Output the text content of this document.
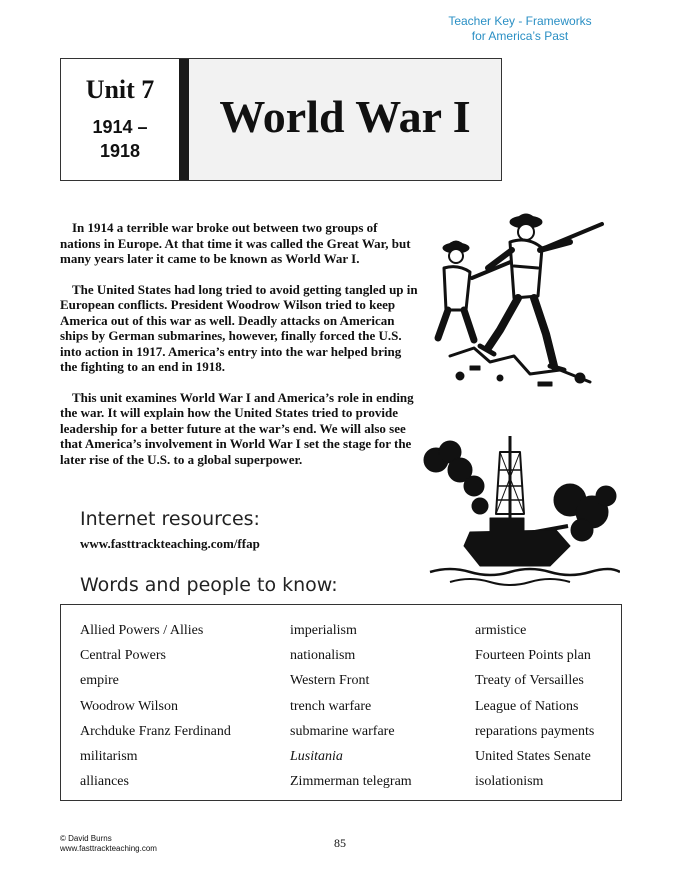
Teacher Key - Frameworks
for America’s Past
Unit 7
1914 –
1918
World War I

In 1914 a terrible war broke out between two groups of nations in Europe. At that time it was called the Great War, but many years later it came to be known as World War I.

The United States had long tried to avoid getting tangled up in European conflicts. President Woodrow Wilson tried to keep America out of this war as well. Deadly attacks on American ships by German submarines, however, finally forced the U.S. into action in 1917. America’s entry into the war helped bring the fighting to an end in 1918.

This unit examines World War I and America’s role in ending the war. It will explain how the United States tried to provide leadership for a better future at the war’s end. We will also see that America’s involvement in World War I set the stage for the later rise of the U.S. to a global superpower.

Internet resources:
www.fasttrackteaching.com/ffap
Words and people to know:
Allied Powers / Allies
Central Powers
empire
Woodrow Wilson
Archduke Franz Ferdinand
militarism
alliances
imperialism
nationalism
Western Front
trench warfare
submarine warfare
Lusitania
Zimmerman telegram
armistice
Fourteen Points plan
Treaty of Versailles
League of Nations
reparations payments
United States Senate
isolationism
© David Burns
www.fasttrackteaching.com	85
